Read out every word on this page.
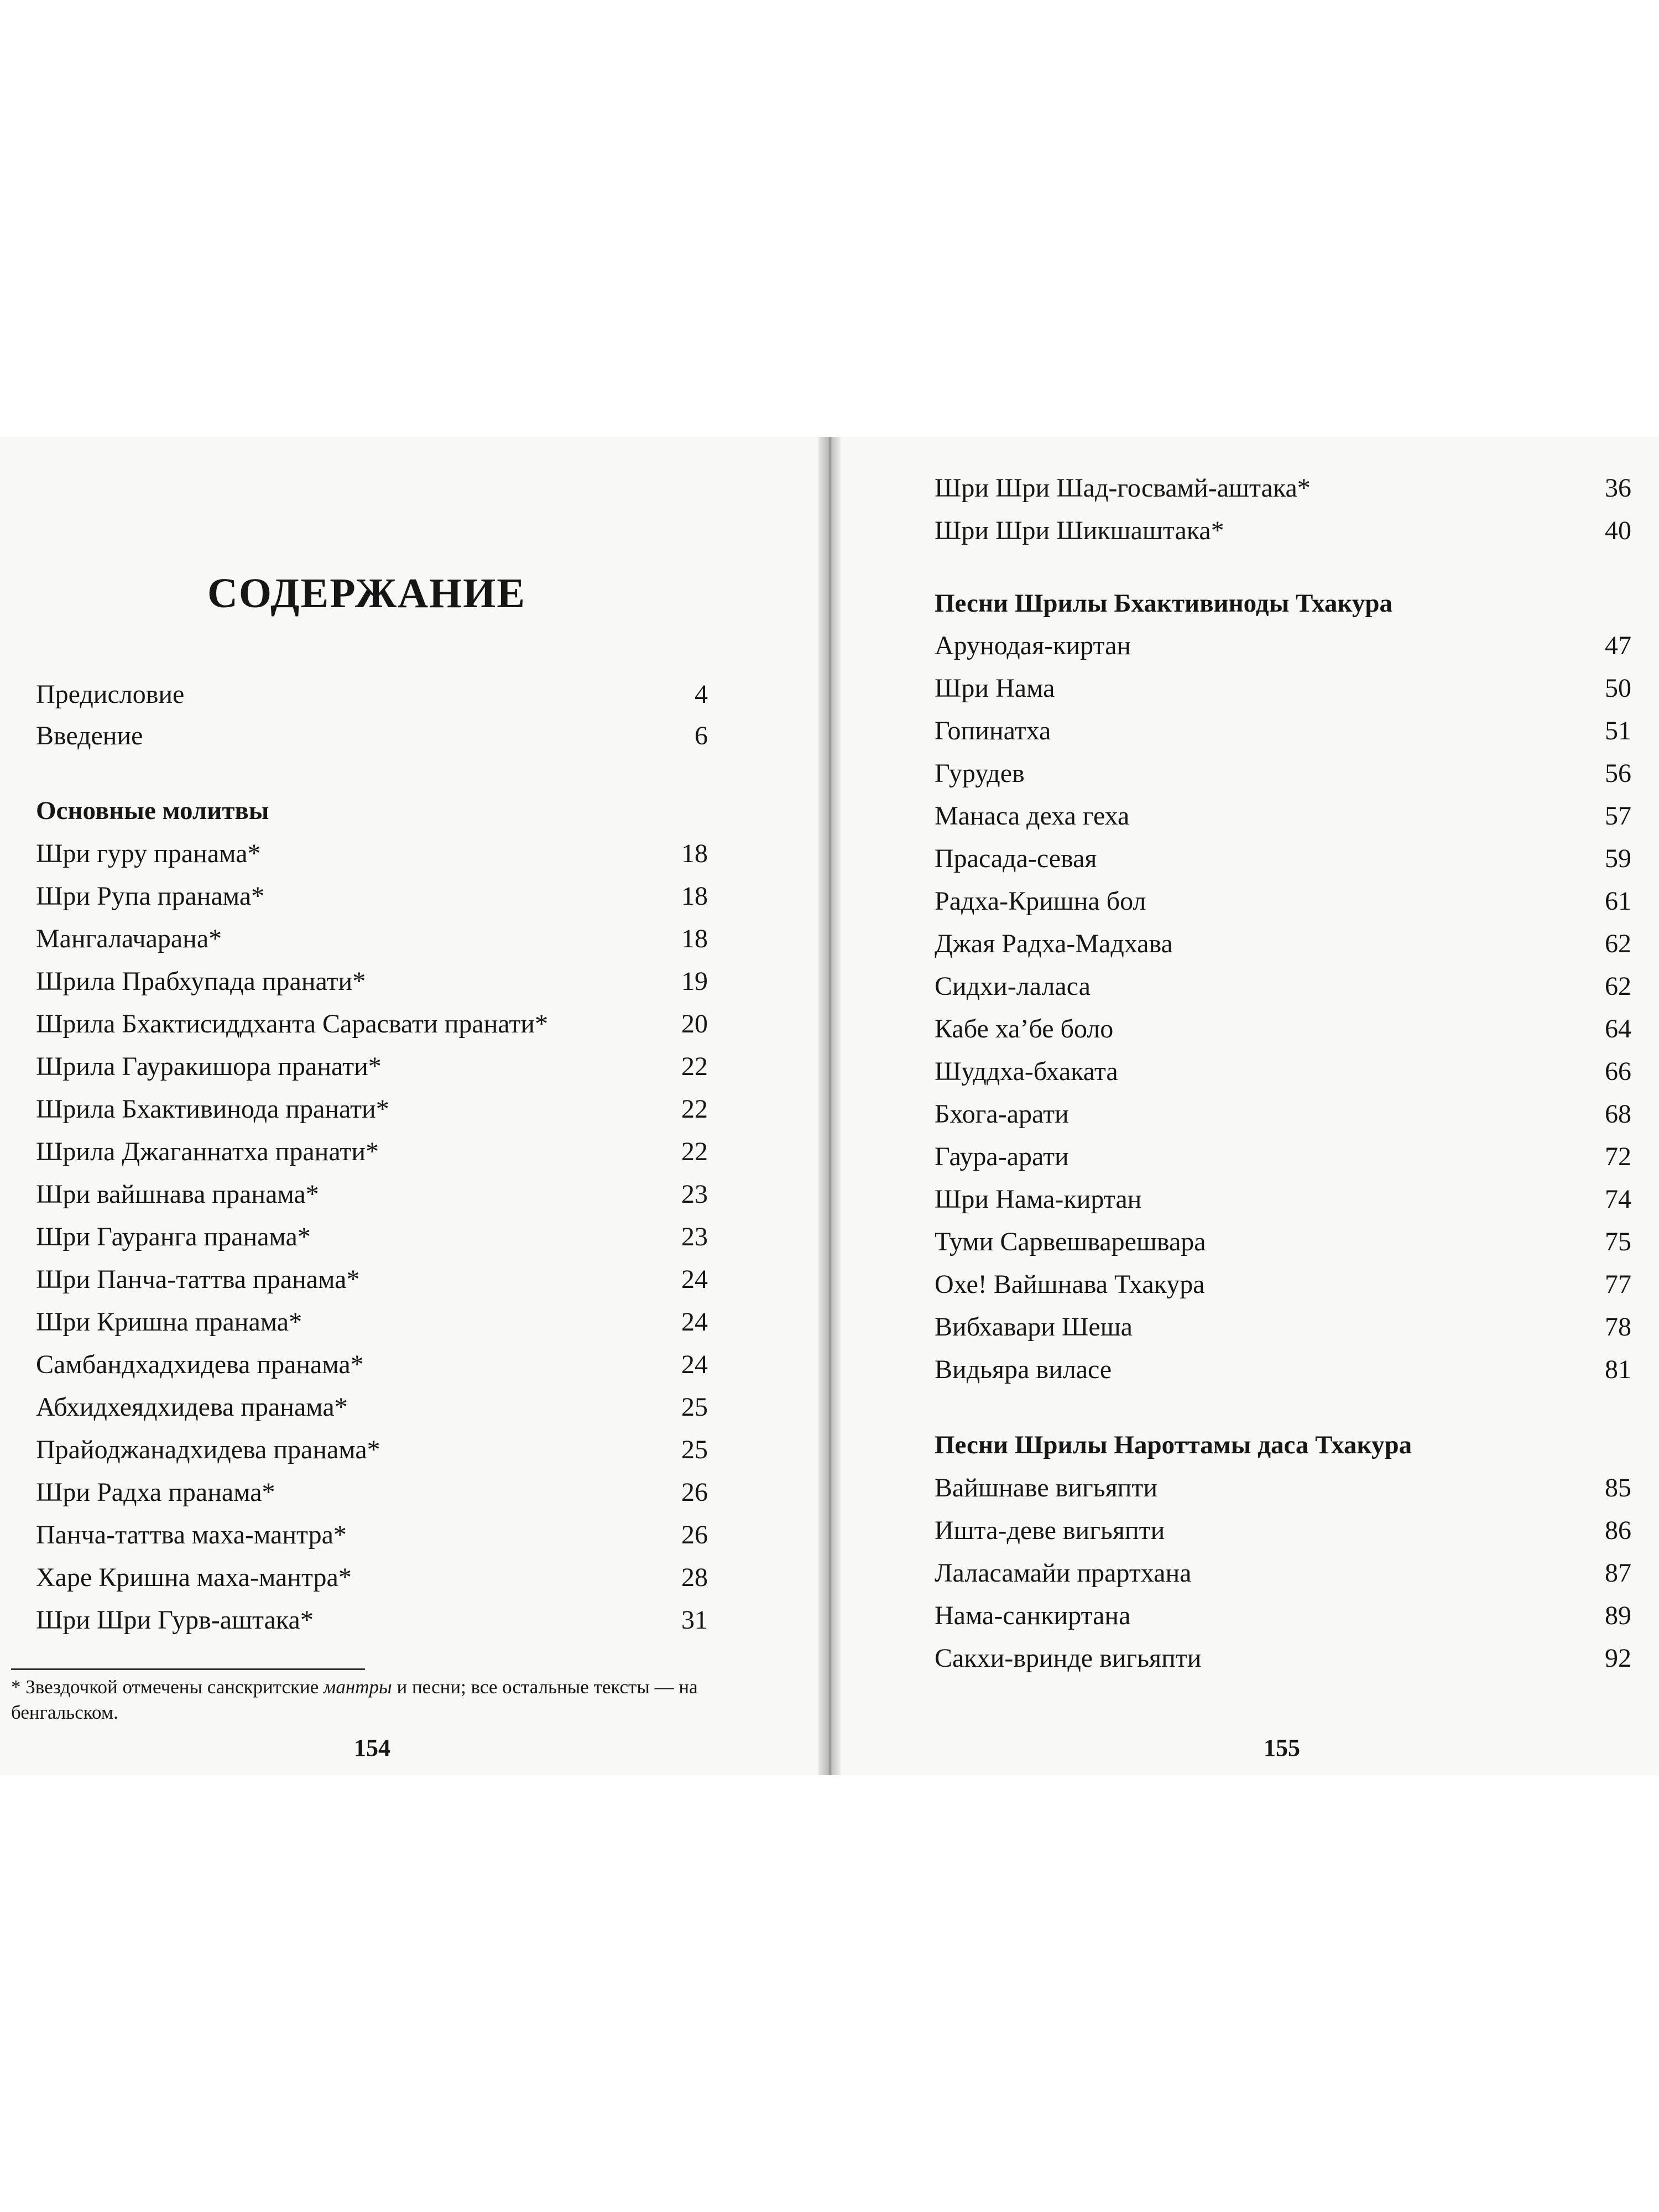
СОДЕРЖАНИЕ
Предисловие	4
Введение	6
Основные молитвы
Шри гуру пранама*	18
Шри Рупа пранама*	18
Мангалачарана*	18
Шрила Прабхупада пранати*	19
Шрила Бхактисиддханта Сарасвати пранати*	20
Шрила Гауракишора пранати*	22
Шрила Бхактивинода пранати*	22
Шрила Джаганнатха пранати*	22
Шри вайшнава пранама*	23
Шри Гауранга пранама*	23
Шри Панча-таттва пранама*	24
Шри Кришна пранама*	24
Самбандхадхидева пранама*	24
Абхидхеядхидева пранама*	25
Прайоджанадхидева пранама*	25
Шри Радха пранама*	26
Панча-таттва маха-мантра*	26
Харе Кришна маха-мантра*	28
Шри Шри Гурв-аштака*	31
* Звездочкой отмечены санскритские мантры и песни; все остальные тексты — на бенгальском.
154
Шри Шри Шад-госвамй-аштака*	36
Шри Шри Шикшаштака*	40
Песни Шрилы Бхактивиноды Тхакура
Арунодая-киртан	47
Шри Нама	50
Гопинатха	51
Гурудев	56
Манаса деха геха	57
Прасада-севая	59
Радха-Кришна бол	61
Джая Радха-Мадхава	62
Сидхи-лаласа	62
Кабе ха’бе боло	64
Шуддха-бхаката	66
Бхога-арати	68
Гаура-арати	72
Шри Нама-киртан	74
Туми Сарвешварешвара	75
Охе! Вайшнава Тхакура	77
Вибхавари Шеша	78
Видьяра виласе	81
Песни Шрилы Нароттамы даса Тхакура
Вайшнаве вигьяпти	85
Ишта-деве вигьяпти	86
Лаласамайи прартхана	87
Нама-санкиртана	89
Сакхи-вринде вигьяпти	92
155
